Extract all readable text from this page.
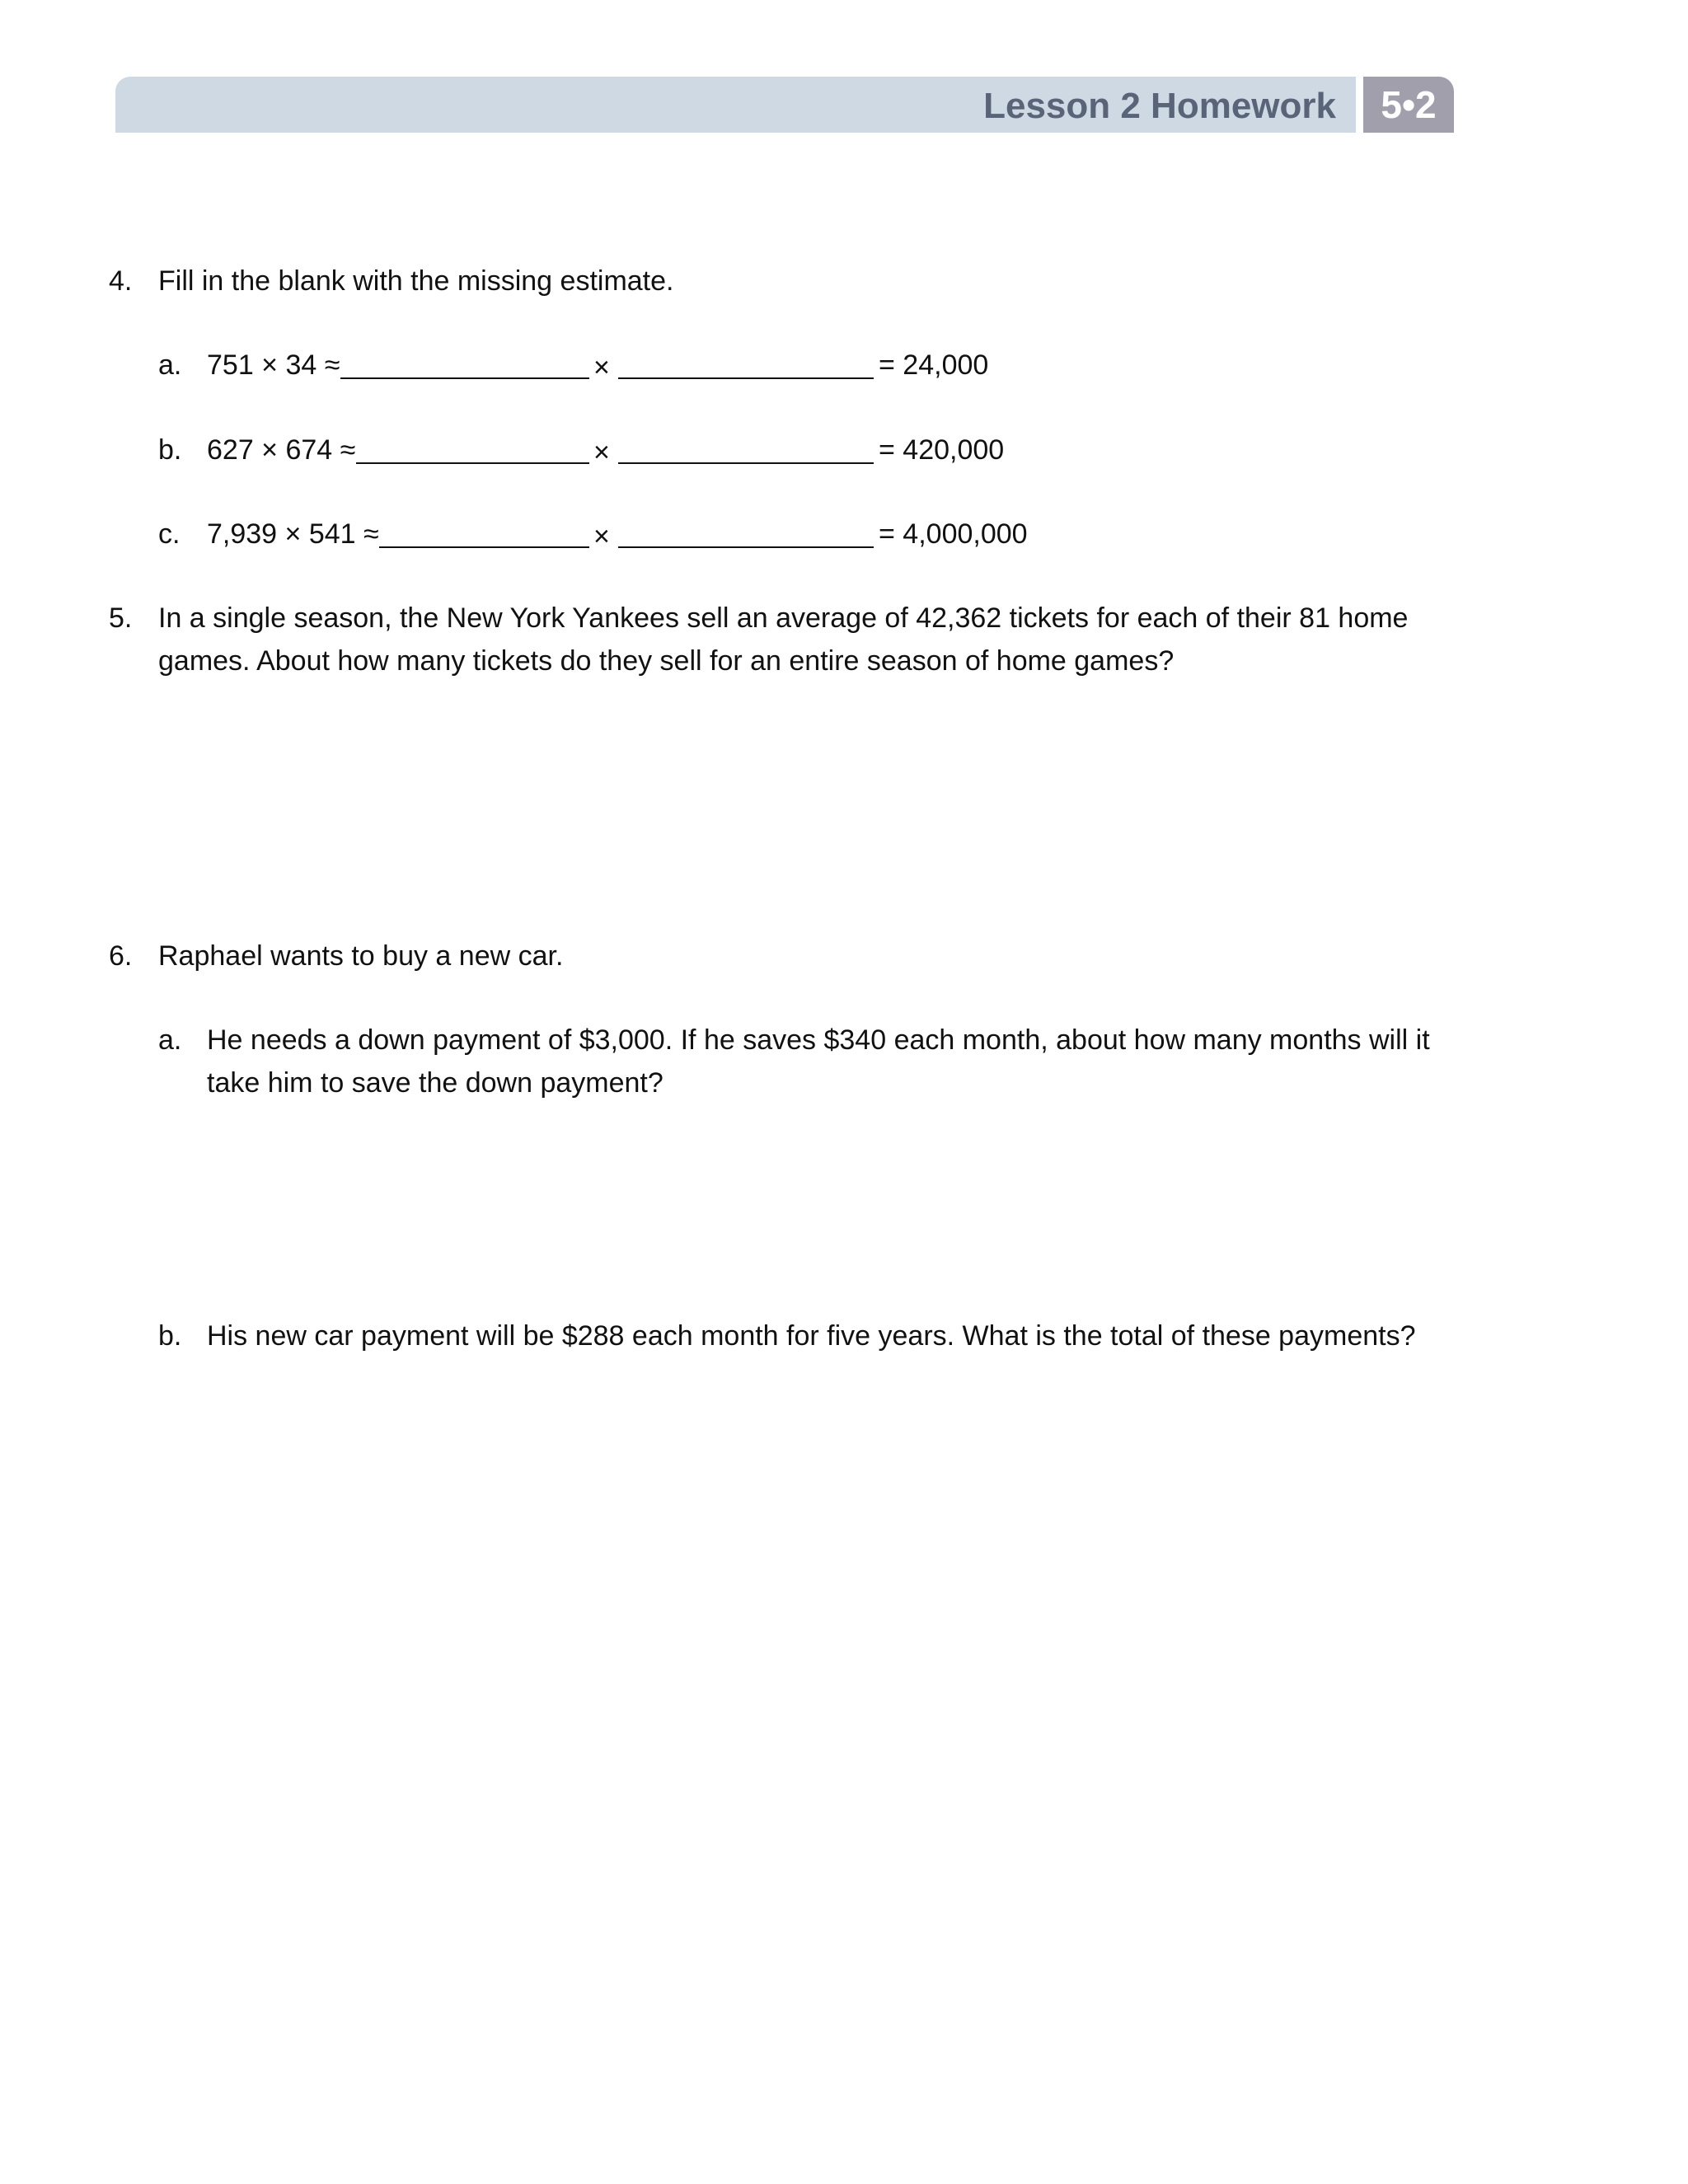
Lesson 2 Homework	5•2
4. Fill in the blank with the missing estimate.
a. 751 × 34 ≈	×	= 24,000
b. 627 × 674 ≈	×	= 420,000
c. 7,939 × 541 ≈	×	= 4,000,000
5. In a single season, the New York Yankees sell an average of 42,362 tickets for each of their 81 home games. About how many tickets do they sell for an entire season of home games?
6. Raphael wants to buy a new car.
a. He needs a down payment of $3,000. If he saves $340 each month, about how many months will it take him to save the down payment?
b. His new car payment will be $288 each month for five years. What is the total of these payments?
